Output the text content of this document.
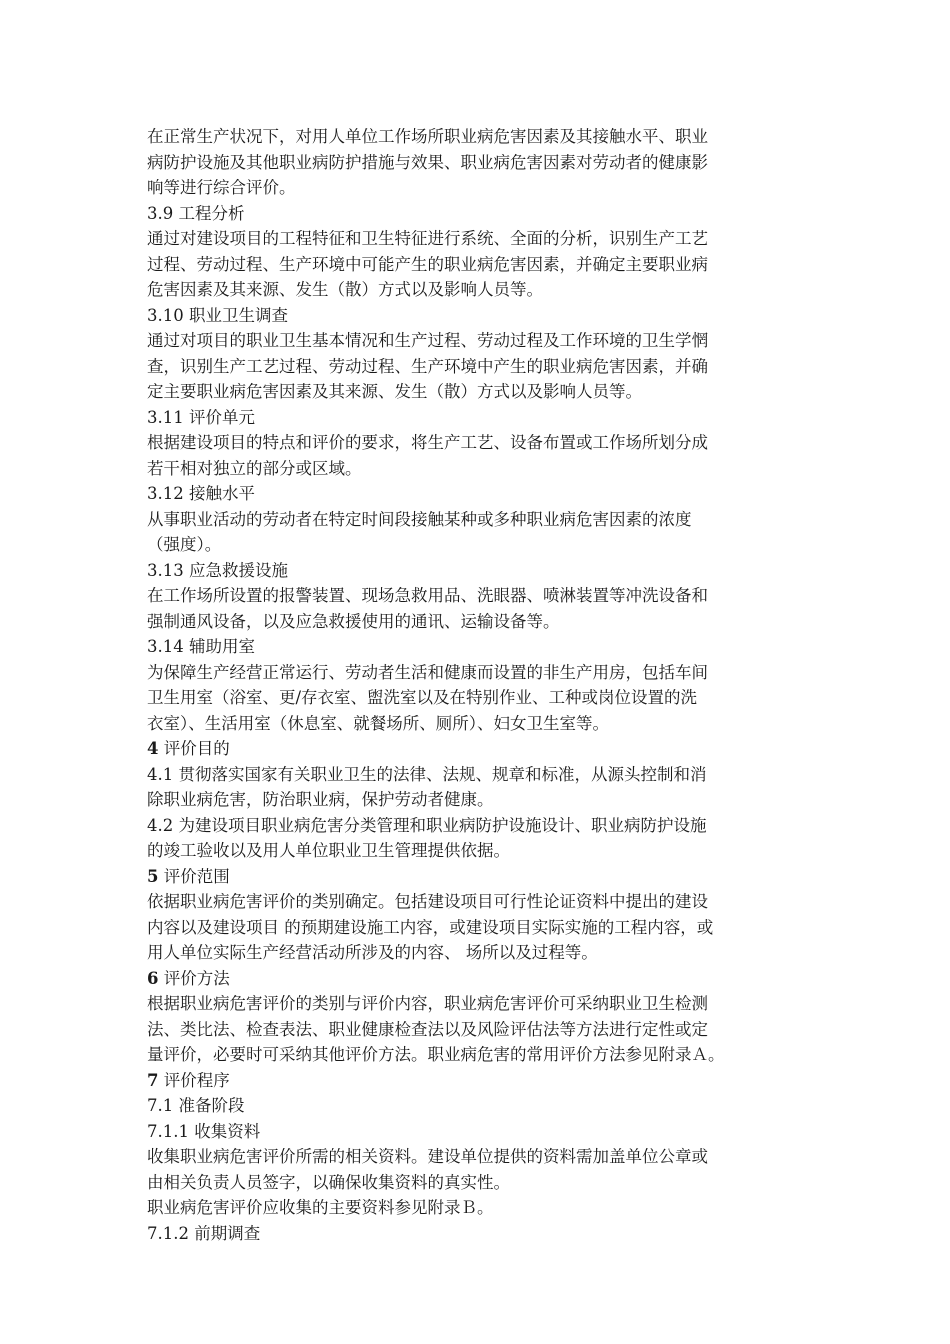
在正常生产状况下，对用人单位工作场所职业病危害因素及其接触水平、职业
病防护设施及其他职业病防护措施与效果、职业病危害因素对劳动者的健康影
响等进行综合评价。
3.9 工程分析
通过对建设项目的工程特征和卫生特征进行系统、全面的分析，识别生产工艺
过程、劳动过程、生产环境中可能产生的职业病危害因素，并确定主要职业病
危害因素及其来源、发生（散）方式以及影响人员等。
3.10 职业卫生调查
通过对项目的职业卫生基本情况和生产过程、劳动过程及工作环境的卫生学惘
查，识别生产工艺过程、劳动过程、生产环境中产生的职业病危害因素，并确
定主要职业病危害因素及其来源、发生（散）方式以及影响人员等。
3.11 评价单元
根据建设项目的特点和评价的要求，将生产工艺、设备布置或工作场所划分成
若干相对独立的部分或区域。
3.12 接触水平
从事职业活动的劳动者在特定时间段接触某种或多种职业病危害因素的浓度
（强度）。
3.13 应急救援设施
在工作场所设置的报警装置、现场急救用品、洗眼器、喷淋装置等冲洗设备和
强制通风设备，以及应急救援使用的通讯、运输设备等。
3.14 辅助用室
为保障生产经营正常运行、劳动者生活和健康而设置的非生产用房，包括车间
卫生用室（浴室、更/存衣室、盥洗室以及在特别作业、工种或岗位设置的洗
衣室）、生活用室（休息室、就餐场所、厕所）、妇女卫生室等。
4 评价目的
4.1 贯彻落实国家有关职业卫生的法律、法规、规章和标准，从源头控制和消
除职业病危害，防治职业病，保护劳动者健康。
4.2 为建设项目职业病危害分类管理和职业病防护设施设计、职业病防护设施
的竣工验收以及用人单位职业卫生管理提供依据。
5 评价范围
依据职业病危害评价的类别确定。包括建设项目可行性论证资料中提出的建设
内容以及建设项目 的预期建设施工内容，或建设项目实际实施的工程内容，或
用人单位实际生产经营活动所涉及的内容、 场所以及过程等。
6 评价方法
根据职业病危害评价的类别与评价内容，职业病危害评价可采纳职业卫生检测
法、类比法、检查表法、职业健康检查法以及风险评估法等方法进行定性或定
量评价，必要时可采纳其他评价方法。职业病危害的常用评价方法参见附录Ａ。
7 评价程序
7.1 准备阶段
7.1.1 收集资料
收集职业病危害评价所需的相关资料。建设单位提供的资料需加盖单位公章或
由相关负责人员签字，以确保收集资料的真实性。
职业病危害评价应收集的主要资料参见附录Ｂ。
7.1.2 前期调查
